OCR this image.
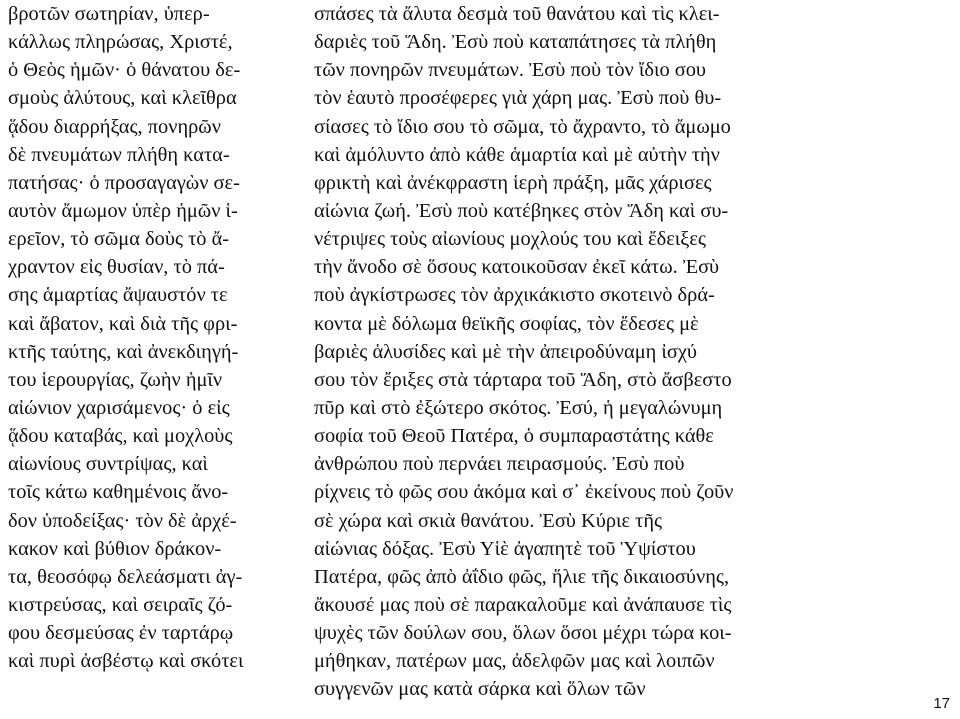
βροτῶν σωτηρίαν, ὑπερ-
κάλλως πληρώσας, Χριστέ,
ὁ Θεὸς ἡμῶν· ὁ θάνατου δε-
σμοὺς ἀλύτους, καὶ κλεῖθρα
ᾅδου διαρρήξας, πονηρῶν
δὲ πνευμάτων πλήθη κατα-
πατήσας· ὁ προσαγαγὼν σε-
αυτὸν ἄμωμον ὑπὲρ ἡμῶν ἱ-
ερεῖον, τὸ σῶμα δοὺς τὸ ἄ-
χραντον εἰς θυσίαν, τὸ πά-
σης ἁμαρτίας ἄψαυστόν τε
καὶ ἄβατον, καὶ διὰ τῆς φρι-
κτῆς ταύτης, καὶ ἀνεκδιηγή-
του ἱερουργίας, ζωὴν ἡμῖν
αἰώνιον χαρισάμενος· ὁ εἰς
ᾅδου καταβάς, καὶ μοχλοὺς
αἰωνίους συντρίψας, καὶ
τοῖς κάτω καθημένοις ἄνο-
δον ὑποδείξας· τὸν δὲ ἀρχέ-
κακον καὶ βύθιον δράκον-
τα, θεοσόφῳ δελεάσματι ἀγ-
κιστρεύσας, καὶ σειραῖς ζό-
φου δεσμεύσας ἐν ταρτάρῳ
καὶ πυρὶ ἀσβέστῳ καὶ σκότει
σπάσες τὰ ἄλυτα δεσμὰ τοῦ θανάτου καὶ τὶς κλει-
δαριὲς τοῦ Ἅδη. Ἐσὺ ποὺ καταπάτησες τὰ πλήθη
τῶν πονηρῶν πνευμάτων. Ἐσὺ ποὺ τὸν ἴδιο σου
τὸν ἑαυτὸ προσέφερες γιὰ χάρη μας. Ἐσὺ ποὺ θυ-
σίασες τὸ ἴδιο σου τὸ σῶμα, τὸ ἄχραντο, τὸ ἄμωμο
καὶ ἀμόλυντο ἀπὸ κάθε ἁμαρτία καὶ μὲ αὐτὴν τὴν
φρικτὴ καὶ ἀνέκφραστη ἱερὴ πράξη, μᾶς χάρισες
αἰώνια ζωή. Ἐσὺ ποὺ κατέβηκες στὸν Ἅδη καὶ συ-
νέτριψες τοὺς αἰωνίους μοχλούς του καὶ ἔδειξες
τὴν ἄνοδο σὲ ὅσους κατοικοῦσαν ἐκεῖ κάτω. Ἐσὺ
ποὺ ἀγκίστρωσες τὸν ἀρχικάκιστο σκοτεινὸ δρά-
κοντα μὲ δόλωμα θεϊκῆς σοφίας, τὸν ἔδεσες μὲ
βαριὲς ἁλυσίδες καὶ μὲ τὴν ἀπειροδύναμη ἰσχύ
σου τὸν ἔριξες στὰ τάρταρα τοῦ Ἅδη, στὸ ἄσβεστο
πῦρ καὶ στὸ ἐξώτερο σκότος. Ἐσύ, ἡ μεγαλώνυμη
σοφία τοῦ Θεοῦ Πατέρα, ὁ συμπαραστάτης κάθε
ἀνθρώπου ποὺ περνάει πειρασμούς. Ἐσὺ ποὺ
ρίχνεις τὸ φῶς σου ἀκόμα καὶ σ᾽ ἐκείνους ποὺ ζοῦν
σὲ χώρα καὶ σκιὰ θανάτου. Ἐσὺ Κύριε τῆς
αἰώνιας δόξας. Ἐσὺ Υἱὲ ἀγαπητὲ τοῦ Ὑψίστου
Πατέρα, φῶς ἀπὸ ἀΐδιο φῶς, ἥλιε τῆς δικαιοσύνης,
ἄκουσέ μας ποὺ σὲ παρακαλοῦμε καὶ ἀνάπαυσε τὶς
ψυχὲς τῶν δούλων σου, ὅλων ὅσοι μέχρι τώρα κοι-
μήθηκαν, πατέρων μας, ἀδελφῶν μας καὶ λοιπῶν
συγγενῶν μας κατὰ σάρκα καὶ ὅλων τῶν
17
